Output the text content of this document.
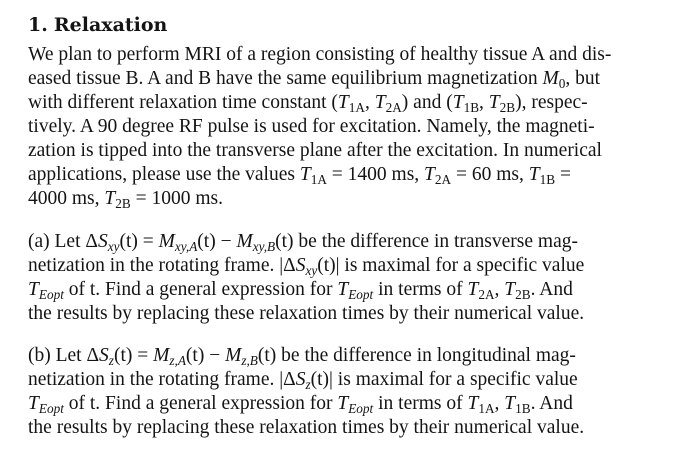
1. Relaxation
We plan to perform MRI of a region consisting of healthy tissue A and dis-
eased tissue B. A and B have the same equilibrium magnetization $M_0$, but
with different relaxation time constant ($T_{1A}$, $T_{2A}$) and ($T_{1B}$, $T_{2B}$), respec-
tively. A 90 degree RF pulse is used for excitation. Namely, the magneti-
zation is tipped into the transverse plane after the excitation. In numerical
applications, please use the values $T_{1A} = 1400$ ms, $T_{2A} = 60$ ms, $T_{1B}$ =
4000 ms, $T_{2B} = 1000$ ms.
(a) Let $\Delta S_{xy}(t) = M_{xy,A}(t) - M_{xy,B}(t)$ be the difference in transverse mag-
netization in the rotating frame. $|\Delta S_{xy}(t)|$ is maximal for a specific value
$T_{Eopt}$ of t. Find a general expression for $T_{Eopt}$ in terms of $T_{2A}$, $T_{2B}$. And
the results by replacing these relaxation times by their numerical value.
(b) Let $\Delta S_z(t) = M_{z,A}(t) - M_{z,B}(t)$ be the difference in longitudinal mag-
netization in the rotating frame. $|\Delta S_z(t)|$ is maximal for a specific value
$T_{Eopt}$ of t. Find a general expression for $T_{Eopt}$ in terms of $T_{1A}$, $T_{1B}$. And
the results by replacing these relaxation times by their numerical value.
